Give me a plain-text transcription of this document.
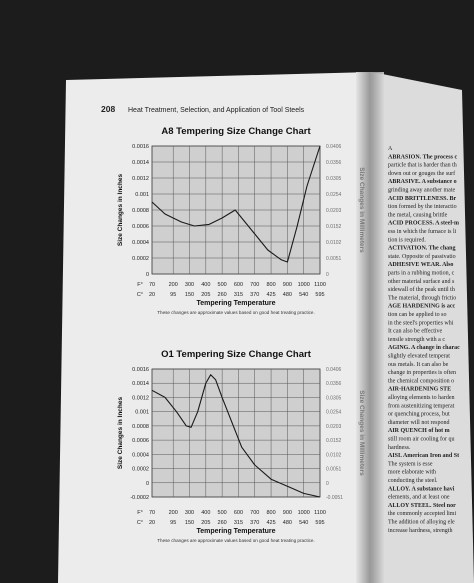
208 Heat Treatment, Selection, and Application of Tool Steels
A8 Tempering Size Change Chart
0.0016
0.0014
0.0012
0.001
0.0008
0.0006
0.0004
0.0002
0
F° 70 200 300 400 500 600 700 800 900 1000 1100
C° 20	95 150 205 260 315 370 425 480 540 595
0.0406
0.0356
0.0305
0.0254
0.0203
0.0152
0.0102
0.0051
0
Size Changes in Inches	Size Changes in Millimeters
Tempering Temperature
These changes are approximate values based on good heat treating practice.
O1 Tempering Size Change Chart
0.0016
0.0014
0.0012
0.001
0.0008
0.0006
0.0004
0.0002
0
-0.0002
F° 70 200 300 400 500 600 700 800 900 1000 1100
C° 20	95 150 205 260 315 370 425 480 540 595
0.0406
0.0356
0.0305
0.0254
0.0203
0.0152
0.0102
0.0051
0
-0.0051
Size Changes in Inches	Size Changes in Millimeters
Tempering Temperature
These changes are approximate values based on good heat treating practice.
A
ABRASION. The process c
particle that is harder than th
down out or gouges the surf
ABRASIVE. A substance o
grinding away another mate
ACID BRITTLENESS. Br
tion formed by the interactio
the metal, causing brittle
ACID PROCESS. A steel-m
ess in which the furnace is li
tion is required.
ACTIVATION. The chang
state. Opposite of passivatio
ADHESIVE WEAR. Also
parts in a rubbing motion, c
other material surface and s
sidewall of the peak until th
The material, through frictio
AGE HARDENING is acc
tion can be applied to so
in the steel's properties whi
It can also be effective
tensile strength with a c
AGING. A change in charac
slightly elevated temperat
ous metals. It can also be
change in properties is often
the chemical composition o
AIR-HARDENING STE
alloying elements to harden
from austenitizing temperat
or quenching process, but
diameter will not respond
AIR QUENCH of hot m
still room air cooling for qu
hardness.
AISI. American Iron and St
The system is esse
more elaborate with
conducting the steel.
ALLOY. A substance havi
elements, and at least one
ALLOY STEEL. Steel nor
the commonly accepted limi
The addition of alloying ele
increase hardness, strength
